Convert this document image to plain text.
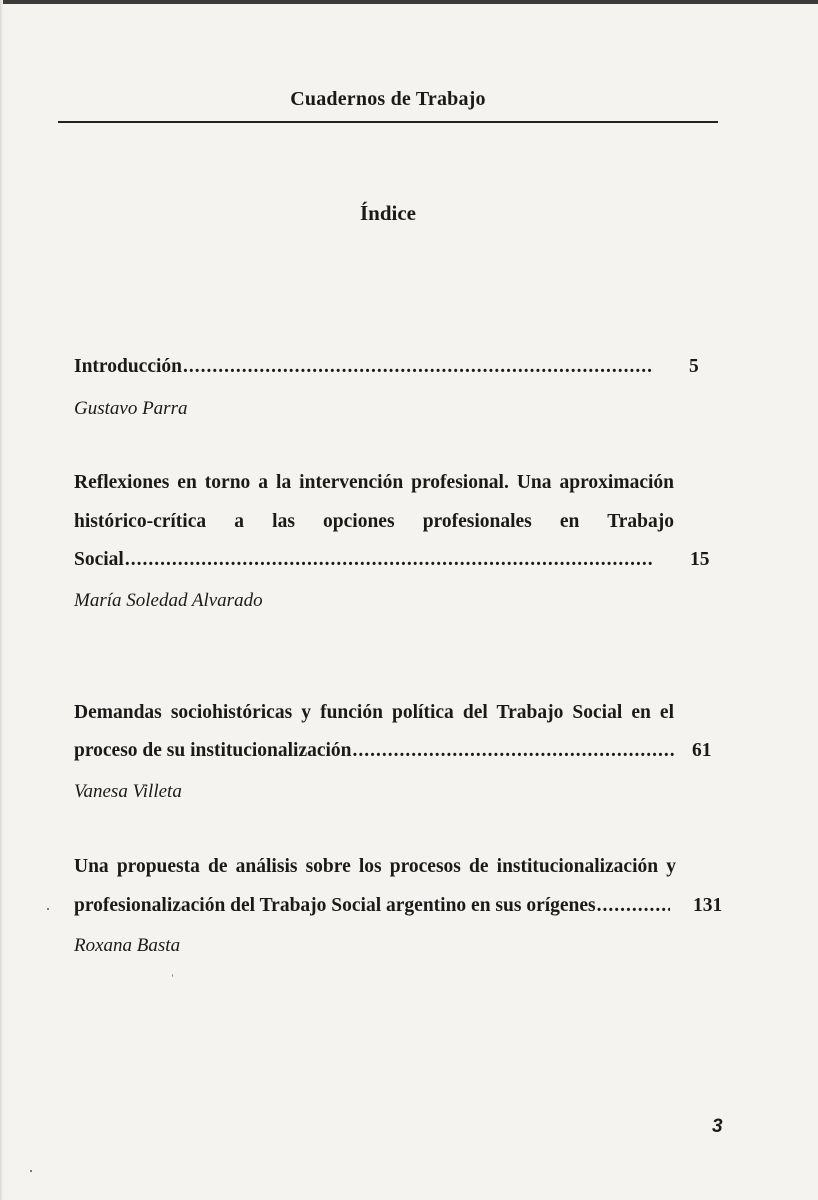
Cuadernos de Trabajo
Índice
Introducción .....	5
Gustavo Parra
Reflexiones en torno a la intervención profesional. Una aproximación
histórico-crítica a las opciones profesionales en Trabajo
Social .....	15
María Soledad Alvarado
Demandas sociohistóricas y función política del Trabajo Social en el
proceso de su institucionalización .....	61
Vanesa Villeta
Una propuesta de análisis sobre los procesos de institucionalización y
profesionalización del Trabajo Social argentino en sus orígenes .....	131
Roxana Basta
3
